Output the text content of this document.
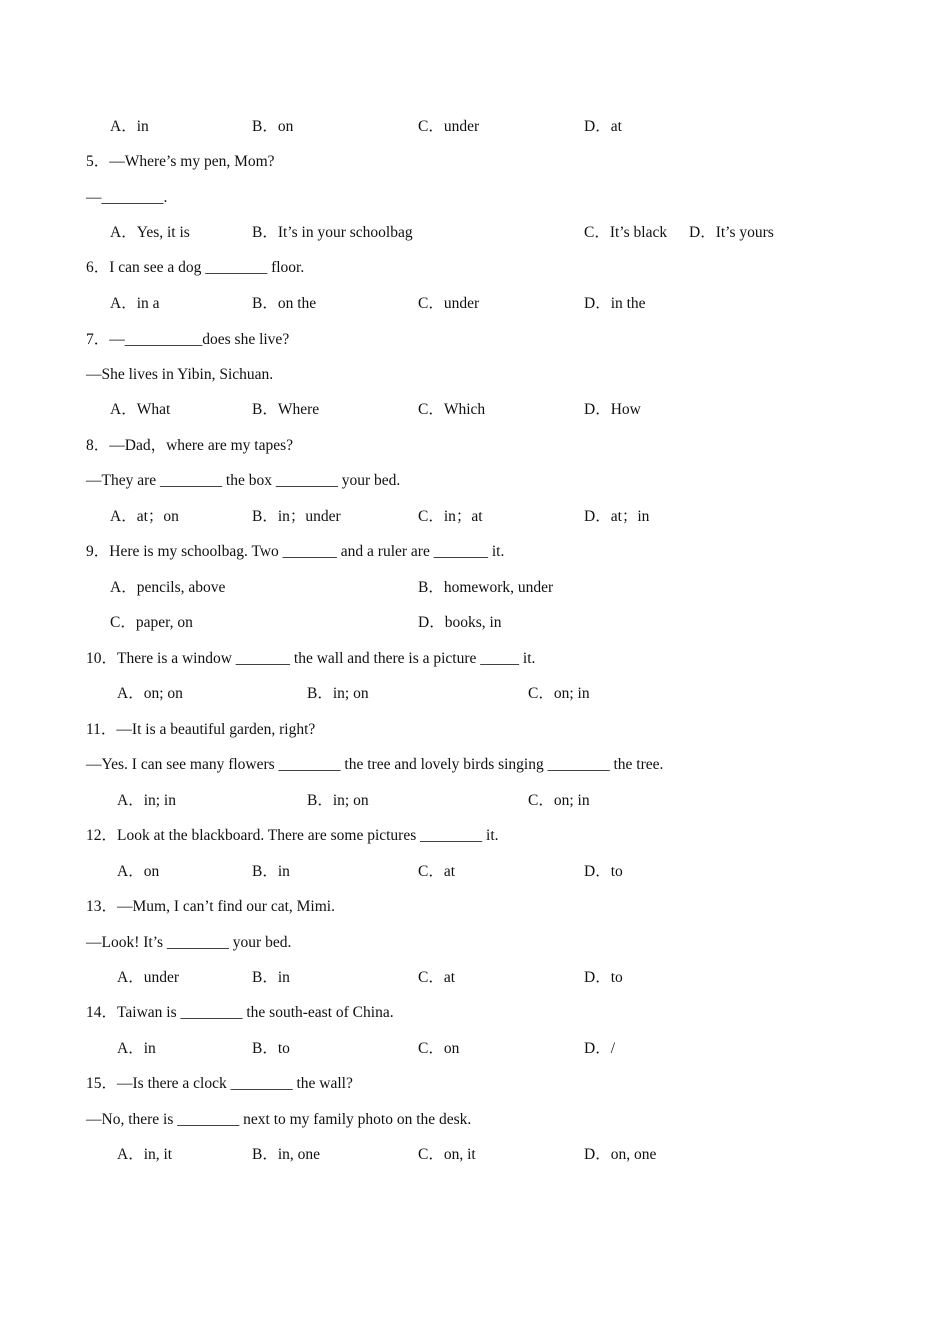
A．in	B．on	C．under	D．at
5．—Where’s my pen, Mom?
—________.
A．Yes, it is	B．It’s in your schoolbag	C．It’s black D．It’s yours
6．I can see a dog ________ floor.
A．in a	B．on the	C．under	D．in the
7．—__________does she live?
—She lives in Yibin, Sichuan.
A．What	B．Where	C．Which	D．How
8．—Dad，where are my tapes?
—They are ________ the box ________ your bed.
A．at；on	B．in；under	C．in；at	D．at；in
9．Here is my schoolbag. Two _______ and a ruler are _______ it.
A．pencils, above	B．homework, under
C．paper, on	D．books, in
10．There is a window _______ the wall and there is a picture _____ it.
A．on; on	B．in; on	C．on; in
11．—It is a beautiful garden, right?
—Yes. I can see many flowers ________ the tree and lovely birds singing ________ the tree.
A．in; in	B．in; on	C．on; in
12．Look at the blackboard. There are some pictures ________ it.
A．on	B．in	C．at	D．to
13．—Mum, I can’t find our cat, Mimi.
—Look! It’s ________ your bed.
A．under	B．in	C．at	D．to
14．Taiwan is ________ the south-east of China.
A．in	B．to	C．on	D．/
15．—Is there a clock ________ the wall?
—No, there is ________ next to my family photo on the desk.
A．in, it	B．in, one	C．on, it	D．on, one
